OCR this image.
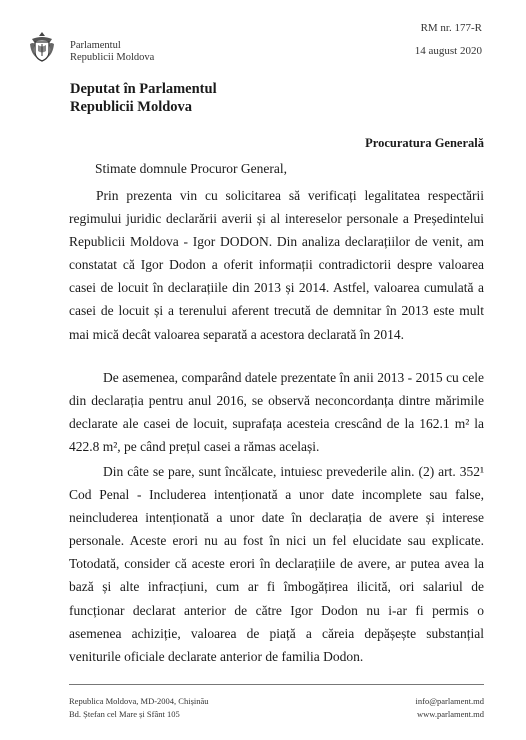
Parlamentul
Republicii Moldova
RM nr. 177-R
14 august 2020
Deputat în Parlamentul
Republicii Moldova
Procuratura Generală
Stimate domnule Procuror General,

Prin prezenta vin cu solicitarea să verificați legalitatea respectării regimului juridic declarării averii și al intereselor personale a Președintelui Republicii Moldova - Igor DODON. Din analiza declarațiilor de venit, am constatat că Igor Dodon a oferit informații contradictorii despre valoarea casei de locuit în declarațiile din 2013 și 2014. Astfel, valoarea cumulată a casei de locuit și a terenului aferent trecută de demnitar în 2013 este mult mai mică decât valoarea separată a acestora declarată în 2014.

De asemenea, comparând datele prezentate în anii 2013 - 2015 cu cele din declarația pentru anul 2016, se observă neconcordanța dintre mărimile declarate ale casei de locuit, suprafața acesteia crescând de la 162.1 m² la 422.8 m², pe când prețul casei a rămas același.

Din câte se pare, sunt încălcate, intuiesc prevederile alin. (2) art. 352¹ Cod Penal - Includerea intenționată a unor date incomplete sau false, neincluderea intenționată a unor date în declarația de avere și interese personale. Aceste erori nu au fost în nici un fel elucidate sau explicate. Totodată, consider că aceste erori în declarațiile de avere, ar putea avea la bază și alte infracțiuni, cum ar fi îmbogățirea ilicită, ori salariul de funcționar declarat anterior de către Igor Dodon nu i-ar fi permis o asemenea achiziție, valoarea de piață a căreia depășește substanțial veniturile oficiale declarate anterior de familia Dodon.

Republica Moldova, MD-2004, Chișinău
Bd. Ștefan cel Mare și Sfânt 105
info@parlament.md
www.parlament.md
